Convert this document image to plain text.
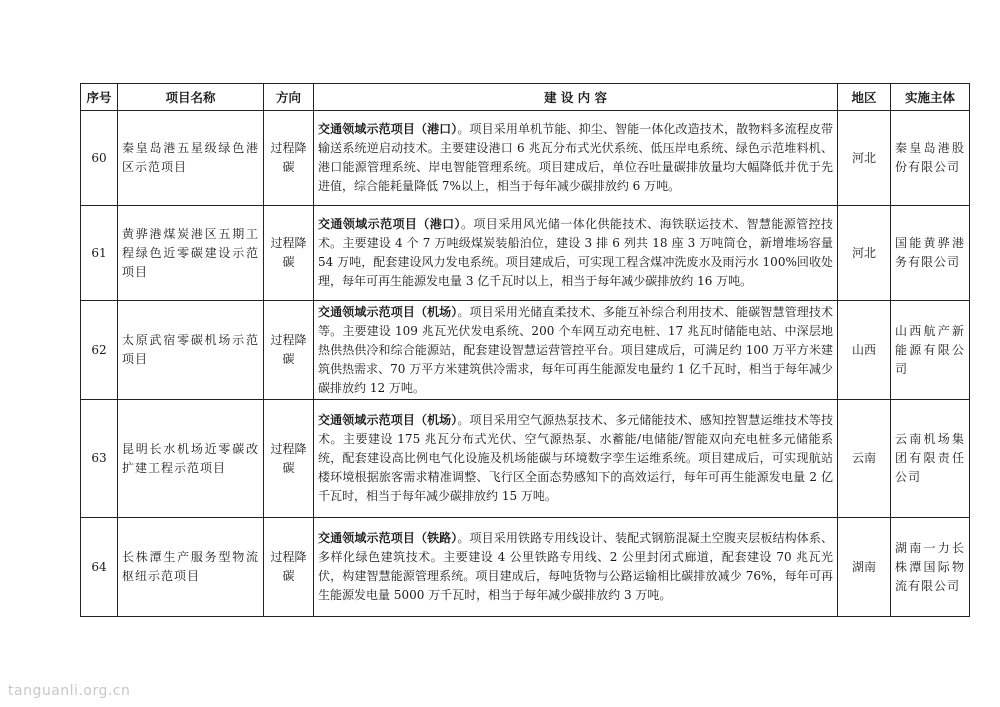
序号	项目名称	方向	建 设 内 容	地区	实施主体
60	秦皇岛港五星级绿色港区示范项目	过程降碳	交通领域示范项目（港口）。项目采用单机节能、抑尘、智能一体化改造技术，散物料多流程皮带输送系统逆启动技术。主要建设港口 6 兆瓦分布式光伏系统、低压岸电系统、绿色示范堆料机、港口能源管理系统、岸电智能管理系统。项目建成后，单位吞吐量碳排放量均大幅降低并优于先进值，综合能耗量降低 7%以上，相当于每年减少碳排放约 6 万吨。	河北	秦皇岛港股份有限公司
61	黄骅港煤炭港区五期工程绿色近零碳建设示范项目	过程降碳	交通领域示范项目（港口）。项目采用风光储一体化供能技术、海铁联运技术、智慧能源管控技术。主要建设 4 个 7 万吨级煤炭装船泊位，建设 3 排 6 列共 18 座 3 万吨筒仓，新增堆场容量 54 万吨，配套建设风力发电系统。项目建成后，可实现工程含煤冲洗废水及雨污水 100%回收处理，每年可再生能源发电量 3 亿千瓦时以上，相当于每年减少碳排放约 16 万吨。	河北	国能黄骅港务有限公司
62	太原武宿零碳机场示范项目	过程降碳	交通领域示范项目（机场）。项目采用光储直柔技术、多能互补综合利用技术、能碳智慧管理技术等。主要建设 109 兆瓦光伏发电系统、200 个车网互动充电桩、17 兆瓦时储能电站、中深层地热供热供冷和综合能源站，配套建设智慧运营管控平台。项目建成后，可满足约 100 万平方米建筑供热需求、70 万平方米建筑供冷需求，每年可再生能源发电量约 1 亿千瓦时，相当于每年减少碳排放约 12 万吨。	山西	山西航产新能源有限公司
63	昆明长水机场近零碳改扩建工程示范项目	过程降碳	交通领域示范项目（机场）。项目采用空气源热泵技术、多元储能技术、感知控智慧运维技术等技术。主要建设 175 兆瓦分布式光伏、空气源热泵、水蓄能/电储能/智能双向充电桩多元储能系统，配套建设高比例电气化设施及机场能碳与环境数字孪生运维系统。项目建成后，可实现航站楼环境根据旅客需求精准调整、飞行区全面态势感知下的高效运行，每年可再生能源发电量 2 亿千瓦时，相当于每年减少碳排放约 15 万吨。	云南	云南机场集团有限责任公司
64	长株潭生产服务型物流枢纽示范项目	过程降碳	交通领域示范项目（铁路）。项目采用铁路专用线设计、装配式钢筋混凝土空腹夹层板结构体系、多样化绿色建筑技术。主要建设 4 公里铁路专用线、2 公里封闭式廊道，配套建设 70 兆瓦光伏，构建智慧能源管理系统。项目建成后，每吨货物与公路运输相比碳排放减少 76%，每年可再生能源发电量 5000 万千瓦时，相当于每年减少碳排放约 3 万吨。	湖南	湖南一力长株潭国际物流有限公司
tanguanli.org.cn
